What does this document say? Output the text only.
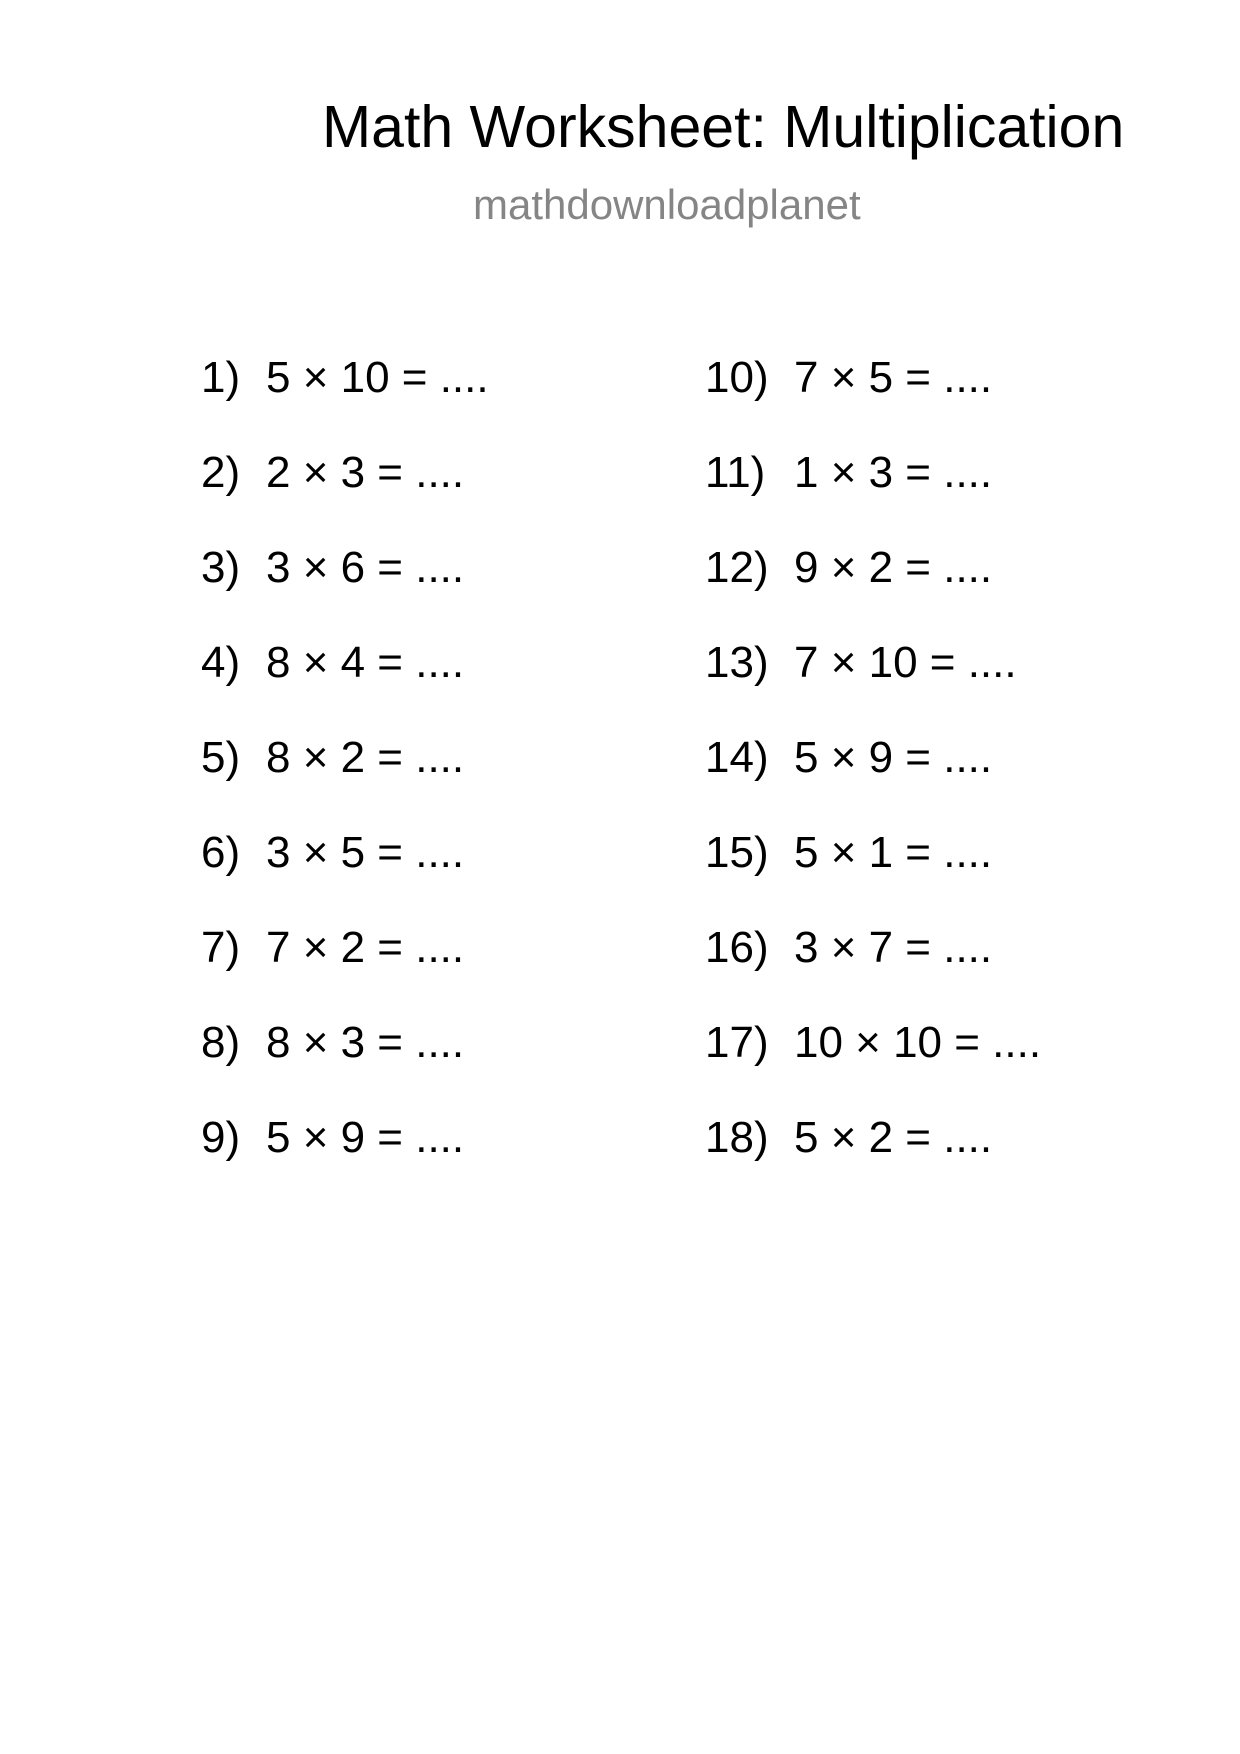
Math Worksheet: Multiplication
mathdownloadplanet
1) 5 × 10 = ....
2) 2 × 3 = ....
3) 3 × 6 = ....
4) 8 × 4 = ....
5) 8 × 2 = ....
6) 3 × 5 = ....
7) 7 × 2 = ....
8) 8 × 3 = ....
9) 5 × 9 = ....
10) 7 × 5 = ....
11) 1 × 3 = ....
12) 9 × 2 = ....
13) 7 × 10 = ....
14) 5 × 9 = ....
15) 5 × 1 = ....
16) 3 × 7 = ....
17) 10 × 10 = ....
18) 5 × 2 = ....
